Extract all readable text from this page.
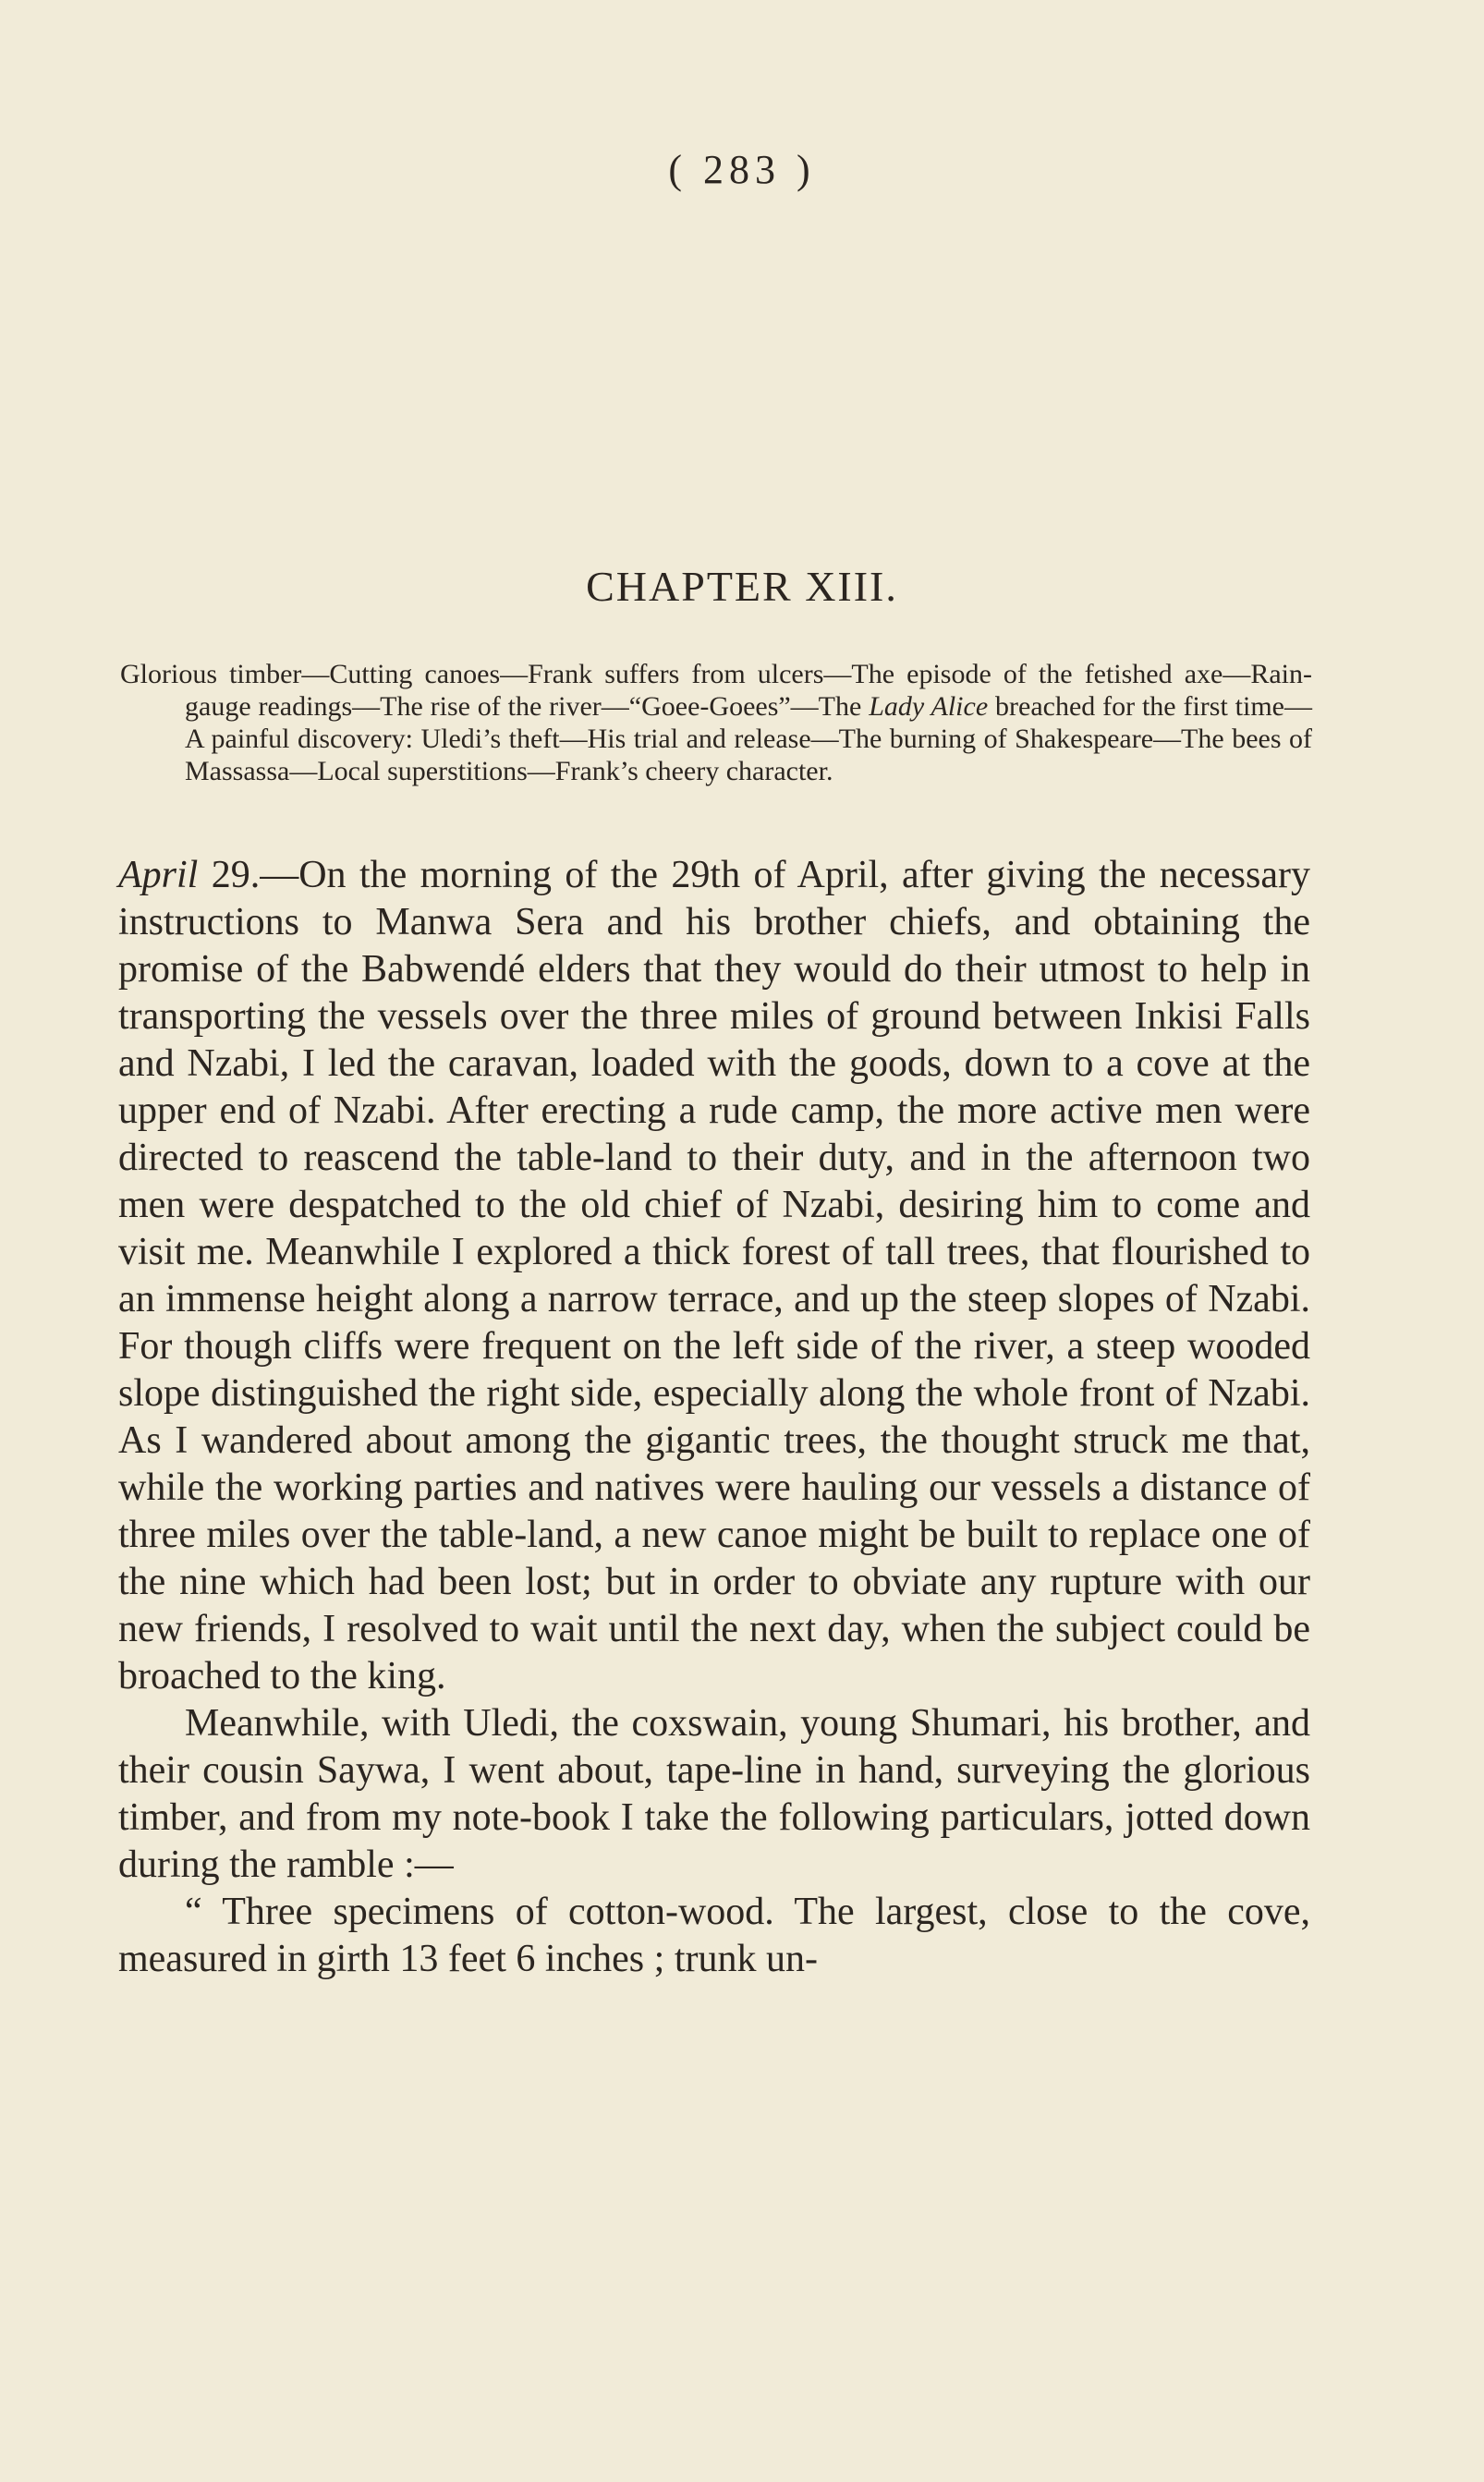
( 283 )
CHAPTER XIII.
Glorious timber—Cutting canoes—Frank suffers from ulcers—The episode of the fetished axe—Rain-gauge readings—The rise of the river—“Goee-Goees”—The Lady Alice breached for the first time—A painful discovery: Uledi’s theft—His trial and release—The burning of Shakespeare—The bees of Massassa—Local superstitions—Frank’s cheery character.

April 29.—On the morning of the 29th of April, after giving the necessary instructions to Manwa Sera and his brother chiefs, and obtaining the promise of the Babwendé elders that they would do their utmost to help in transporting the vessels over the three miles of ground between Inkisi Falls and Nzabi, I led the caravan, loaded with the goods, down to a cove at the upper end of Nzabi. After erecting a rude camp, the more active men were directed to reascend the table-land to their duty, and in the afternoon two men were despatched to the old chief of Nzabi, desiring him to come and visit me. Meanwhile I explored a thick forest of tall trees, that flourished to an immense height along a narrow terrace, and up the steep slopes of Nzabi. For though cliffs were frequent on the left side of the river, a steep wooded slope distinguished the right side, especially along the whole front of Nzabi. As I wandered about among the gigantic trees, the thought struck me that, while the working parties and natives were hauling our vessels a distance of three miles over the table-land, a new canoe might be built to replace one of the nine which had been lost; but in order to obviate any rupture with our new friends, I resolved to wait until the next day, when the subject could be broached to the king.

Meanwhile, with Uledi, the coxswain, young Shumari, his brother, and their cousin Saywa, I went about, tape-line in hand, surveying the glorious timber, and from my note-book I take the following particulars, jotted down during the ramble :—

“ Three specimens of cotton-wood. The largest, close to the cove, measured in girth 13 feet 6 inches ; trunk un-
